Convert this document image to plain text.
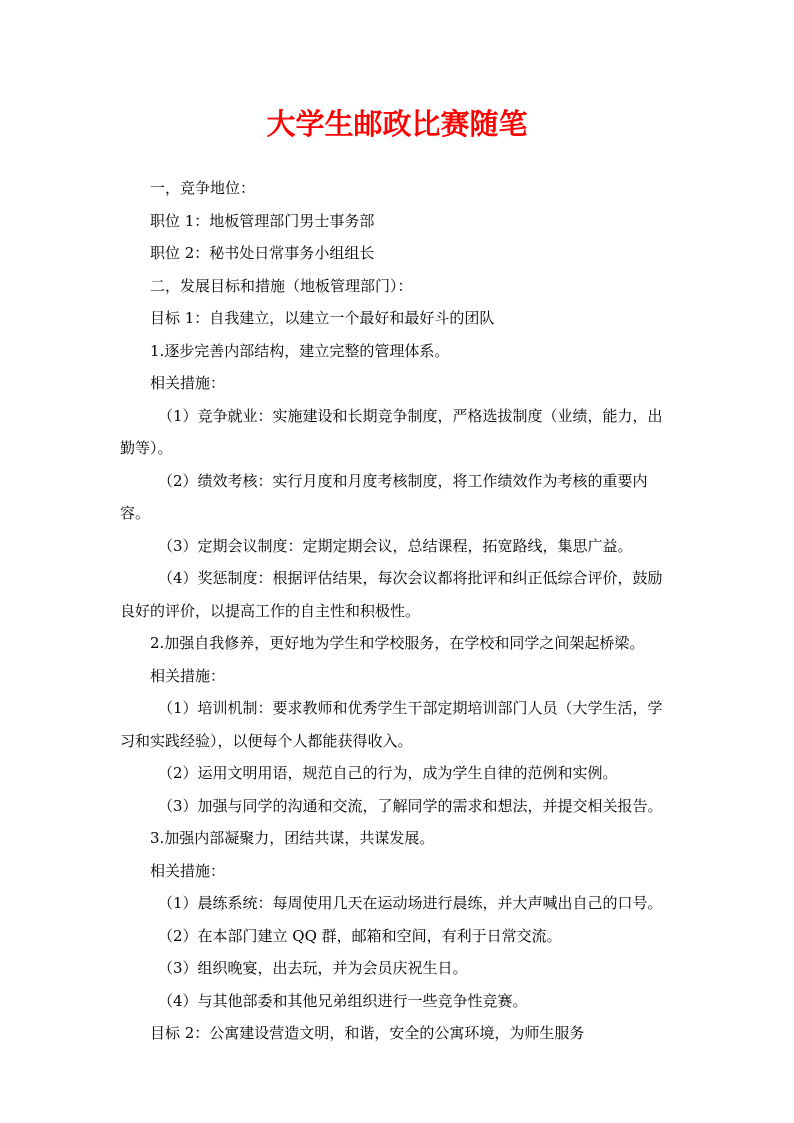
大学生邮政比赛随笔

一，竞争地位：

职位 1：地板管理部门男士事务部

职位 2：秘书处日常事务小组组长

二，发展目标和措施（地板管理部门）：

目标 1：自我建立，以建立一个最好和最好斗的团队

1.逐步完善内部结构，建立完整的管理体系。

相关措施：

（1）竞争就业：实施建设和长期竞争制度，严格选拔制度（业绩，能力，出勤等）。

（2）绩效考核：实行月度和月度考核制度，将工作绩效作为考核的重要内容。

（3）定期会议制度：定期定期会议，总结课程，拓宽路线，集思广益。

（4）奖惩制度：根据评估结果，每次会议都将批评和纠正低综合评价，鼓励良好的评价，以提高工作的自主性和积极性。

2.加强自我修养，更好地为学生和学校服务，在学校和同学之间架起桥梁。

相关措施：

（1）培训机制：要求教师和优秀学生干部定期培训部门人员（大学生活，学习和实践经验），以便每个人都能获得收入。

（2）运用文明用语，规范自己的行为，成为学生自律的范例和实例。

（3）加强与同学的沟通和交流，了解同学的需求和想法，并提交相关报告。

3.加强内部凝聚力，团结共谋，共谋发展。

相关措施：

（1）晨练系统：每周使用几天在运动场进行晨练，并大声喊出自己的口号。

（2）在本部门建立 QQ 群，邮箱和空间，有利于日常交流。

（3）组织晚宴，出去玩，并为会员庆祝生日。

（4）与其他部委和其他兄弟组织进行一些竞争性竞赛。

目标 2：公寓建设营造文明，和谐，安全的公寓环境，为师生服务
